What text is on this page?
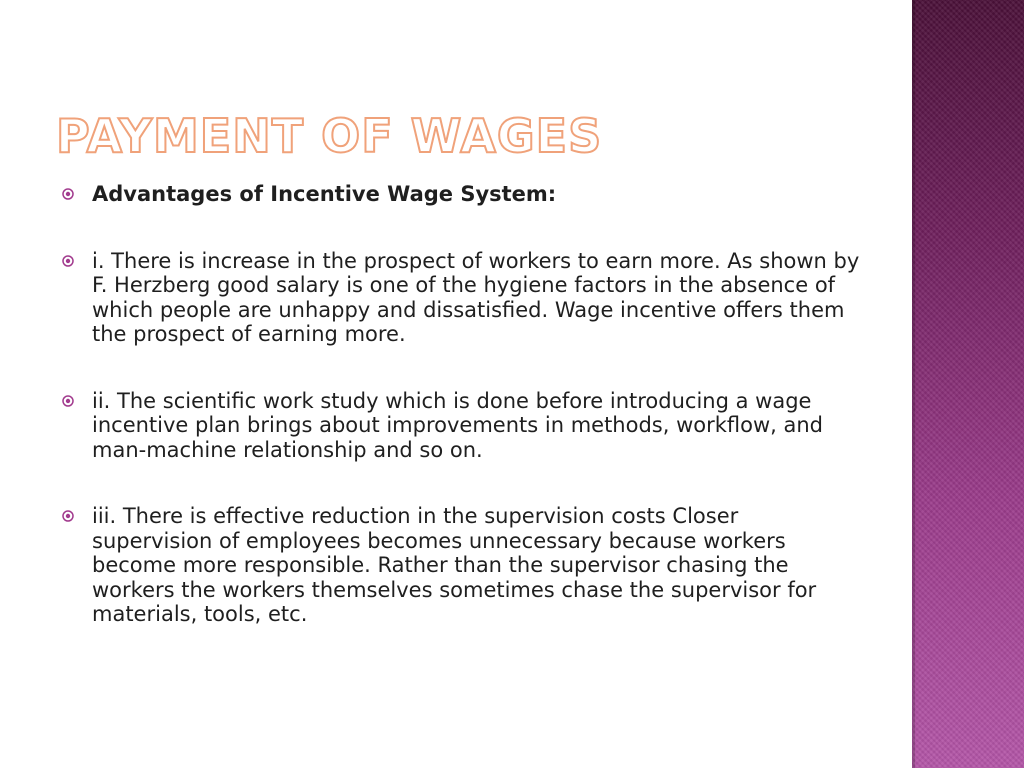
PAYMENT OF WAGES
Advantages of Incentive Wage System:
i. There is increase in the prospect of workers to earn more. As shown by F. Herzberg good salary is one of the hygiene factors in the absence of which people are unhappy and dissatisfied. Wage incentive offers them the prospect of earning more.
ii. The scientific work study which is done before introducing a wage incentive plan brings about improvements in methods, workflow, and man-machine relationship and so on.
iii. There is effective reduction in the supervision costs Closer supervision of employees becomes unnecessary because workers become more responsible. Rather than the supervisor chasing the workers the workers themselves sometimes chase the supervisor for materials, tools, etc.
